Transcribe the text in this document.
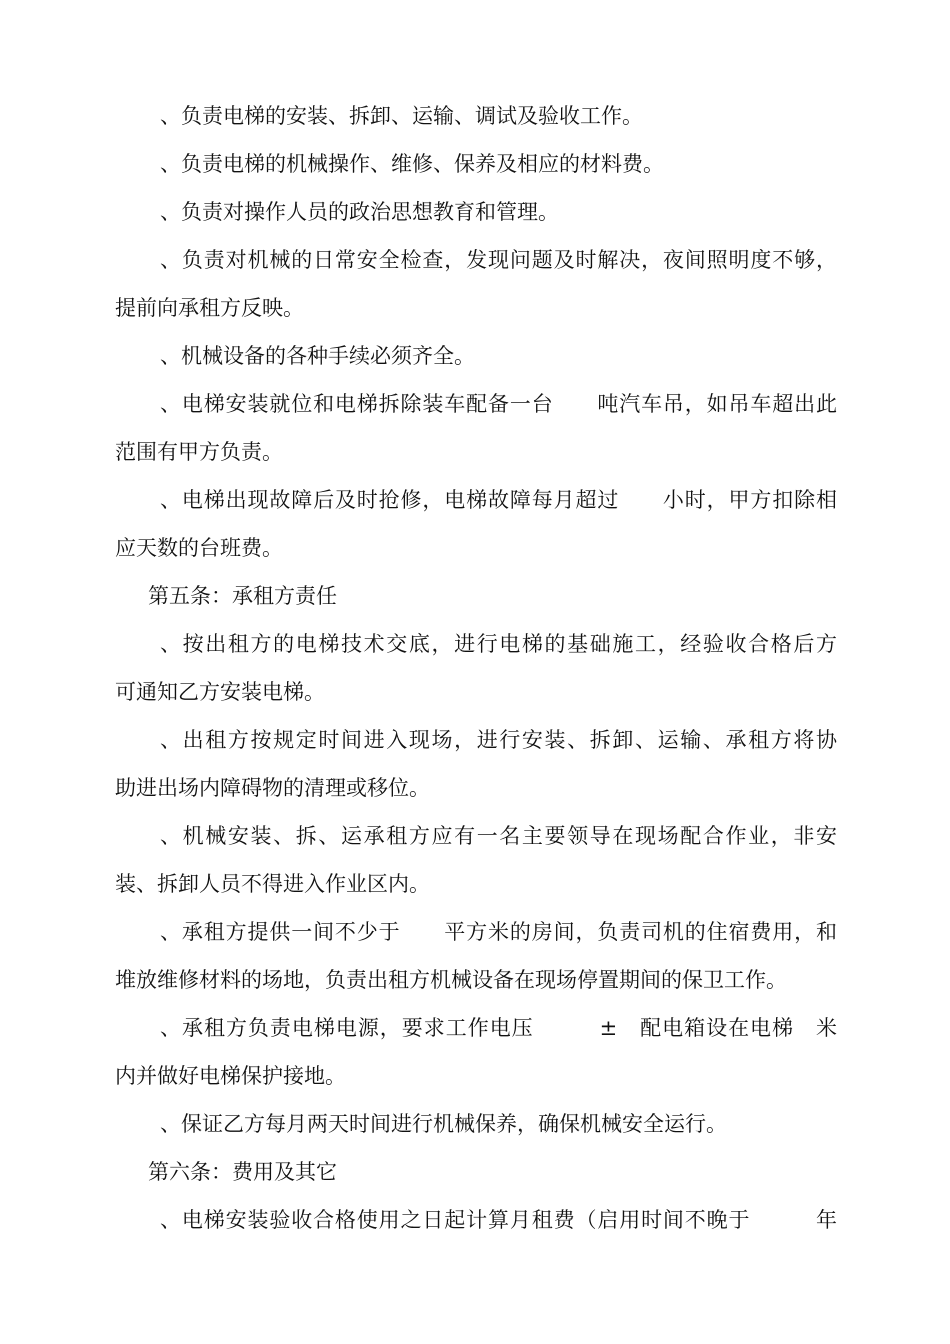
、负责电梯的安装、拆卸、运输、调试及验收工作。
、负责电梯的机械操作、维修、保养及相应的材料费。
、负责对操作人员的政治思想教育和管理。
、负责对机械的日常安全检查，发现问题及时解决，夜间照明度不够，
提前向承租方反映。
、机械设备的各种手续必须齐全。
、电梯安装就位和电梯拆除装车配备一台　　吨汽车吊，如吊车超出此
范围有甲方负责。
、电梯出现故障后及时抢修，电梯故障每月超过　　小时，甲方扣除相
应天数的台班费。
第五条：承租方责任
、按出租方的电梯技术交底，进行电梯的基础施工，经验收合格后方
可通知乙方安装电梯。
、出租方按规定时间进入现场，进行安装、拆卸、运输、承租方将协
助进出场内障碍物的清理或移位。
、机械安装、拆、运承租方应有一名主要领导在现场配合作业，非安
装、拆卸人员不得进入作业区内。
、承租方提供一间不少于　　平方米的房间，负责司机的住宿费用，和
堆放维修材料的场地，负责出租方机械设备在现场停置期间的保卫工作。
、承租方负责电梯电源，要求工作电压　　　±　配电箱设在电梯　米
内并做好电梯保护接地。
、保证乙方每月两天时间进行机械保养，确保机械安全运行。
第六条：费用及其它
、电梯安装验收合格使用之日起计算月租费（启用时间不晚于　　　年
